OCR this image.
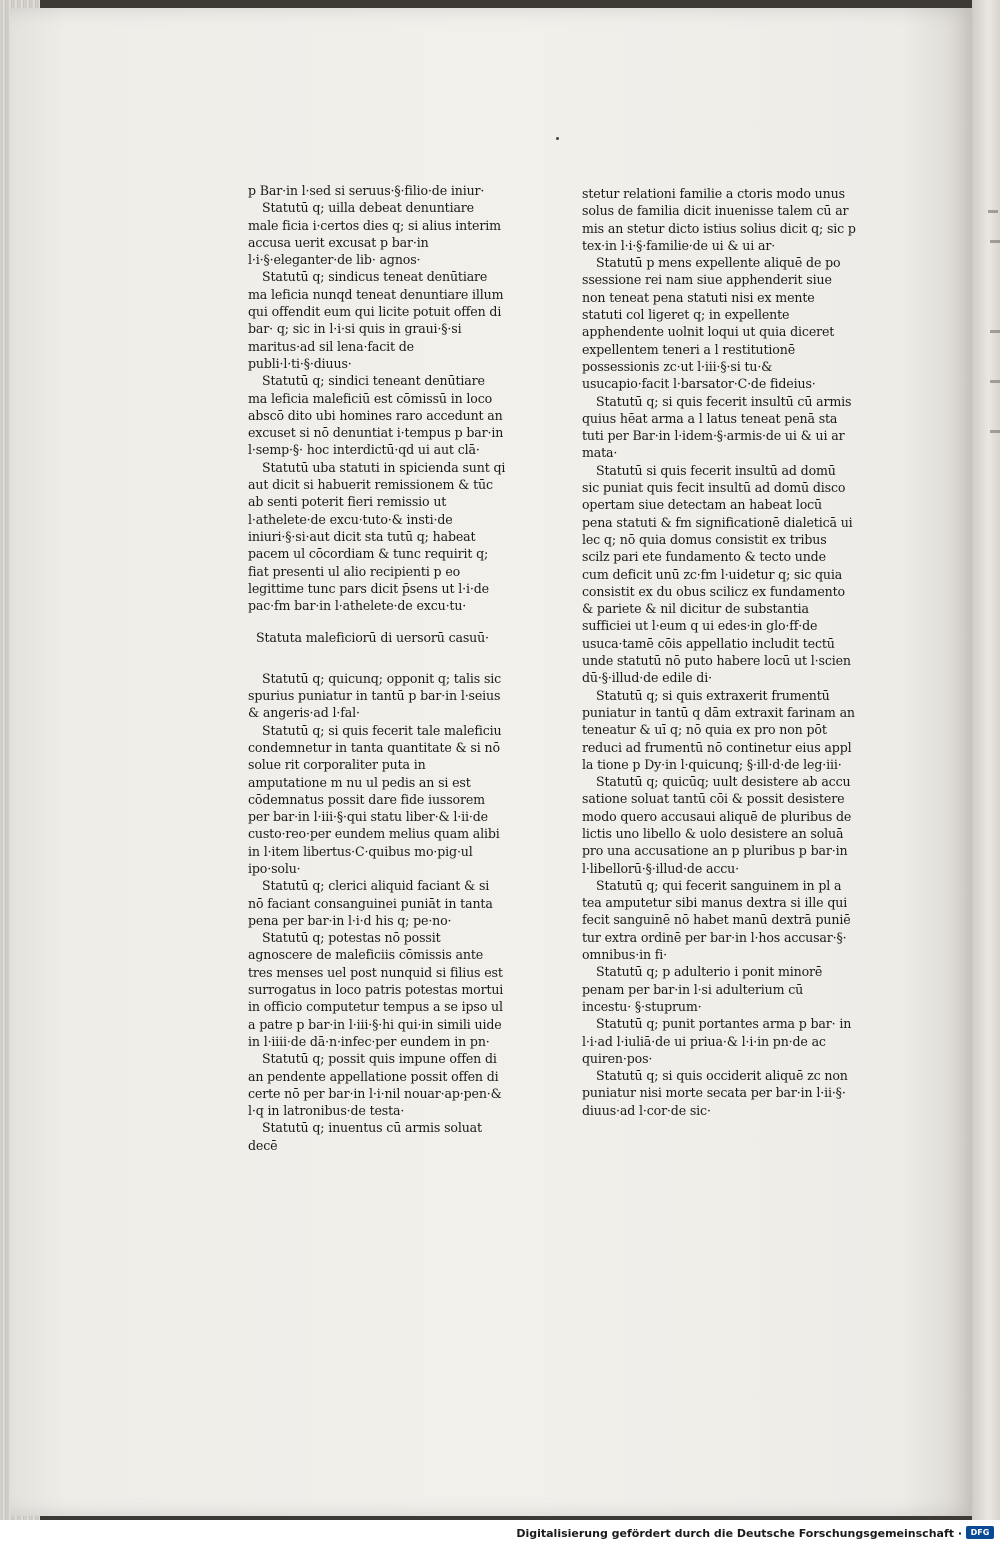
p Bar·in l·sed si seruus·§·filio·de iniur·

Statutū q; uilla debeat denuntiare male ficia i·certos dies q; si alius interim accusa uerit excusat p bar·in l·i·§·eleganter·de lib· agnos·

Statutū q; sindicus teneat denūtiare ma leficia nunqd teneat denuntiare illum qui offendit eum qui licite potuit offen di bar· q; sic in l·i·si quis in graui·§·si maritus·ad sil lena·facit de publi·l·ti·§·diuus·

Statutū q; sindici teneant denūtiare ma leficia maleficiū est cōmissū in loco abscō dito ubi homines raro accedunt an excuset si nō denuntiat i·tempus p bar·in l·semp·§· hoc interdictū·qd ui aut clā·

Statutū uba statuti in spicienda sunt qi aut dicit si habuerit remissionem & tūc ab senti poterit fieri remissio ut l·athelete·de excu·tuto·& insti·de iniuri·§·si·aut dicit sta tutū q; habeat pacem ul cōcordiam & tunc requirit q; fiat presenti ul alio recipienti p eo legittime tunc pars dicit p̄sens ut l·i·de pac·fm bar·in l·athelete·de excu·tu·

Statuta maleficiorū di uersorū casuū·

Statutū q; quicunq; opponit q; talis sic spurius puniatur in tantū p bar·in l·seius & angeris·ad l·fal·

Statutū q; si quis fecerit tale maleficiu condemnetur in tanta quantitate & si nō solue rit corporaliter puta in amputatione m nu ul pedis an si est cōdemnatus possit dare fide iussorem per bar·in l·iii·§·qui statu liber·& l·ii·de custo·reo·per eundem melius quam alibi in l·item libertus·C·quibus mo·pig·ul ipo·solu·

Statutū q; clerici aliquid faciant & si nō faciant consanguinei puniāt in tanta pena per bar·in l·i·d his q; pe·no·

Statutū q; potestas nō possit agnoscere de maleficiis cōmissis ante tres menses uel post nunquid si filius est surrogatus in loco patris potestas mortui in officio computetur tempus a se ipso ul a patre p bar·in l·iii·§·hi qui·in simili uide in l·iiii·de dā·n·infec·per eundem in pn·

Statutū q; possit quis impune offen di an pendente appellatione possit offen di certe nō per bar·in l·i·nil nouar·ap·pen·& l·q in latronibus·de testa·

Statutū q; inuentus cū armis soluat decē

stetur relationi familie a ctoris modo unus solus de familia dicit inuenisse talem cū ar mis an stetur dicto istius solius dicit q; sic p tex·in l·i·§·familie·de ui & ui ar·

Statutū p mens expellente aliquē de po ssessione rei nam siue apphenderit siue non teneat pena statuti nisi ex mente statuti col ligeret q; in expellente apphendente uolnit loqui ut quia diceret expellentem teneri a l restitutionē possessionis zc·ut l·iii·§·si tu·& usucapio·facit l·barsator·C·de fideius·

Statutū q; si quis fecerit insultū cū armis quius hēat arma a l latus teneat penā sta tuti per Bar·in l·idem·§·armis·de ui & ui ar mata·

Statutū si quis fecerit insultū ad domū sic puniat quis fecit insultū ad domū disco opertam siue detectam an habeat locū pena statuti & fm significationē dialeticā ui lec q; nō quia domus consistit ex tribus scilz pari ete fundamento & tecto unde cum deficit unū zc·fm l·uidetur q; sic quia consistit ex du obus scilicz ex fundamento & pariete & nil dicitur de substantia sufficiei ut l·eum q ui edes·in glo·ff·de usuca·tamē cōis appellatio includit tectū unde statutū nō puto habere locū ut l·scien dū·§·illud·de edile di·

Statutū q; si quis extraxerit frumentū puniatur in tantū q dām extraxit farinam an teneatur & uī q; nō quia ex pro non pōt reduci ad frumentū nō continetur eius appl la tione p Dy·in l·quicunq; §·ill·d·de leg·iii·

Statutū q; quicūq; uult desistere ab accu satione soluat tantū cōi & possit desistere modo quero accusaui aliquē de pluribus de lictis uno libello & uolo desistere an soluā pro una accusatione an p pluribus p bar·in l·libellorū·§·illud·de accu·

Statutū q; qui fecerit sanguinem in pl a tea amputetur sibi manus dextra si ille qui fecit sanguinē nō habet manū dextrā puniē tur extra ordinē per bar·in l·hos accusar·§· omnibus·in fi·

Statutū q; p adulterio i ponit minorē penam per bar·in l·si adulterium cū incestu· §·stuprum·

Statutū q; punit portantes arma p bar· in l·i·ad l·iuliā·de ui priua·& l·i·in pn·de ac quiren·pos·

Statutū q; si quis occiderit aliquē zc non puniatur nisi morte secata per bar·in l·ii·§· diuus·ad l·cor·de sic·

Digitalisierung gefördert durch die Deutsche Forschungsgemeinschaft ·	DFG
